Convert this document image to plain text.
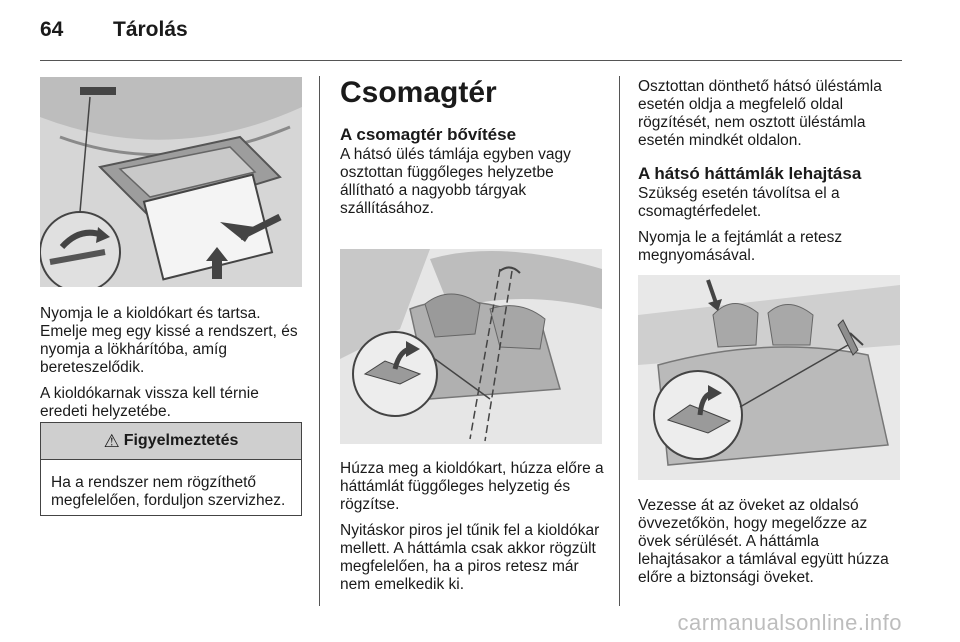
64 Tárolás

Nyomja le a kioldókart és tartsa. Emelje meg egy kissé a rendszert, és nyomja a lökhárítóba, amíg bereteszelődik.

A kioldókarnak vissza kell térnie eredeti helyzetébe.

⚠ Figyelmeztetés
Ha a rendszer nem rögzíthető megfelelően, forduljon szervizhez.
Csomagtér
A csomagtér bővítése
A hátsó ülés támlája egyben vagy osztottan függőleges helyzetbe állítható a nagyobb tárgyak szállításához.

Húzza meg a kioldókart, húzza előre a háttámlát függőleges helyzetig és rögzítse.

Nyitáskor piros jel tűnik fel a kioldókar mellett. A háttámla csak akkor rögzült megfelelően, ha a piros retesz már nem emelkedik ki.

Osztottan dönthető hátsó üléstámla esetén oldja a megfelelő oldal rögzítését, nem osztott üléstámla esetén mindkét oldalon.
A hátsó háttámlák lehajtása

Szükség esetén távolítsa el a csomagtérfedelet.

Nyomja le a fejtámlát a retesz megnyomásával.

Vezesse át az öveket az oldalsó övvezetőkön, hogy megelőzze az övek sérülését. A háttámla lehajtásakor a támlával együtt húzza előre a biztonsági öveket.

carmanualsonline.info
